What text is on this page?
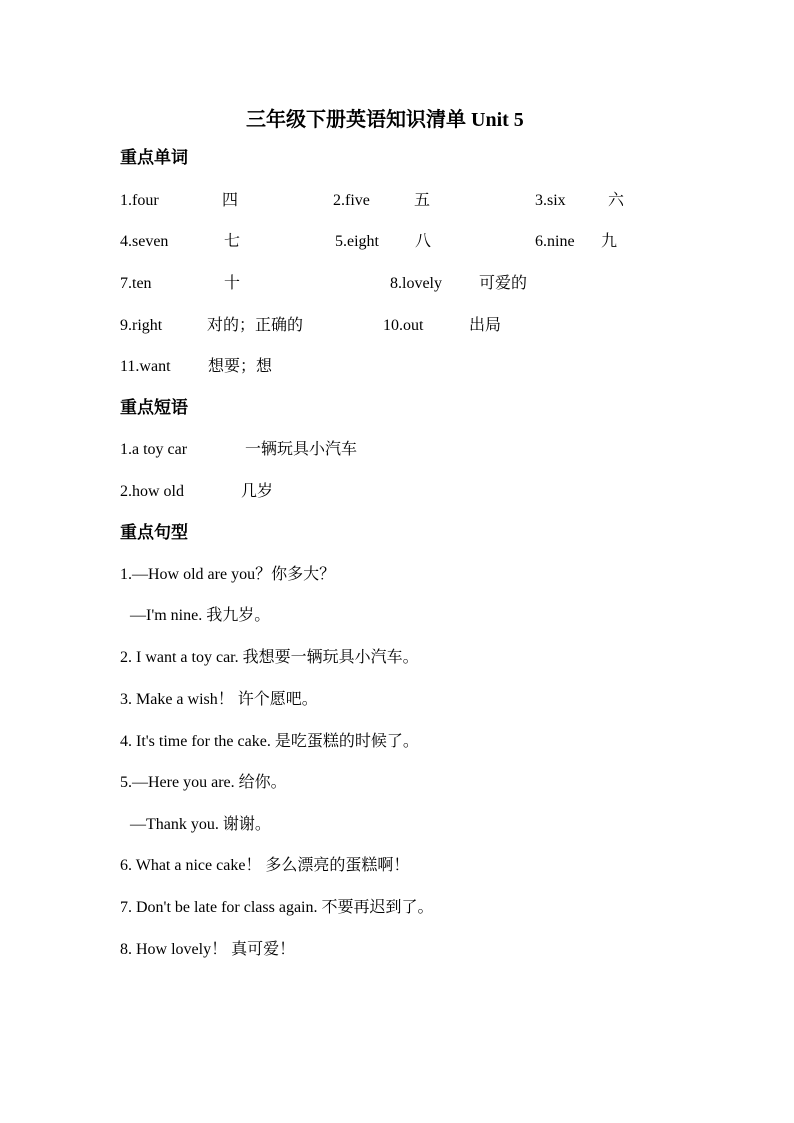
三年级下册英语知识清单 Unit 5
重点单词
1.four	四	2.five	五	3.six	六
4.seven	七	5.eight 八	6.nine 九
7.ten	十	8.lovely 可爱的
9.right	对的；正确的	10.out	出局
11.want 想要；想
重点短语
1.a toy car	一辆玩具小汽车
2.how old	几岁
重点句型
1.—How old are you？你多大？
—I'm nine. 我九岁。
2. I want a toy car. 我想要一辆玩具小汽车。
3. Make a wish！ 许个愿吧。
4. It's time for the cake. 是吃蛋糕的时候了。
5.—Here you are. 给你。
—Thank you. 谢谢。
6. What a nice cake！ 多么漂亮的蛋糕啊！
7. Don't be late for class again. 不要再迟到了。
8. How lovely！ 真可爱！
